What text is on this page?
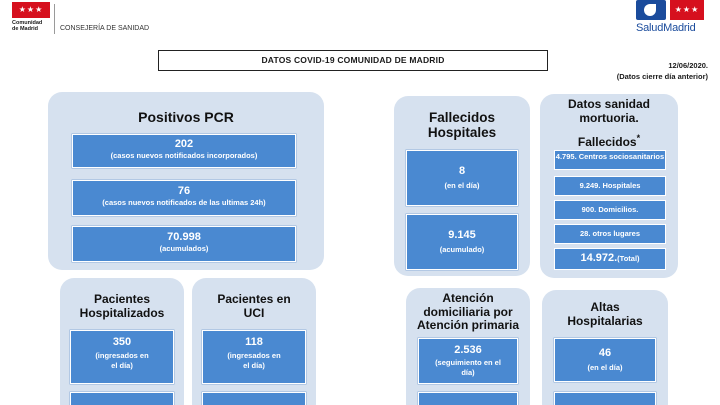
★★★
Comunidad
de Madrid	CONSEJERÍA DE SANIDAD
★★★
SaludMadrid
DATOS COVID-19 COMUNIDAD DE MADRID
12/06/2020.
(Datos cierre día anterior)
Positivos PCR
202
(casos nuevos notificados incorporados)
76
(casos nuevos notificados de las ultimas 24h)
70.998
(acumulados)
Pacientes
Hospitalizados
350
(ingresados en
el día)
Pacientes en
UCI
118
(ingresados en
el día)
Fallecidos
Hospitales
8
(en el día)
9.145
(acumulado)
Datos sanidad
mortuoria.
Fallecidos*
4.795. Centros sociosanitarios
9.249. Hospitales
900. Domicilios.
28. otros lugares
14.972.(Total)
Atención
domiciliaria por
Atención primaria
2.536
(seguimiento en el
día)
Altas
Hospitalarias
46
(en el día)
